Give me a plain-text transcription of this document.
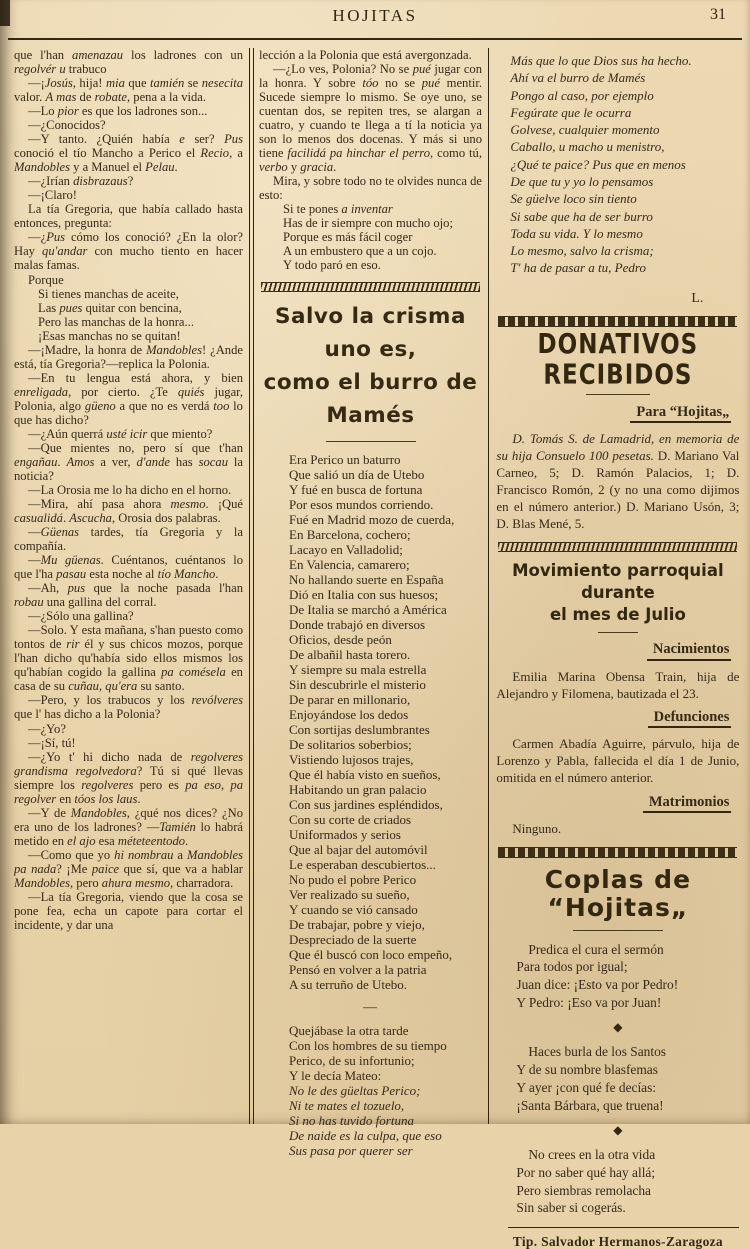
HOJITAS	31

que l'han amenazau los ladrones con un regolvér u trabuco

—¡Josús, hija! mia que tamién se nesecita valor. A mas de robate, pena a la vida.

—Lo pior es que los ladrones son...

—¿Conocidos?

—Y tanto. ¿Quién había e ser? Pus conoció el tío Mancho a Perico el Recio, a Mandobles y a Manuel el Pelau.

—¿Irían disbrazaus?

—¡Claro!

La tía Gregoria, que había callado hasta entonces, pregunta:

—¿Pus cómo los conoció? ¿En la olor? Hay qu'andar con mucho tiento en hacer malas famas.

Porque

Si tienes manchas de aceite,

Las pues quitar con bencina,

Pero las manchas de la honra...

¡Esas manchas no se quitan!

—¡Madre, la honra de Mandobles! ¿Ande está, tía Gregoria?—replica la Polonia.

—En tu lengua está ahora, y bien enreligada, por cierto. ¿Te quiés jugar, Polonia, algo güeno a que no es verdá too lo que has dicho?

—¿Aún querrá usté icir que miento?

—Que mientes no, pero sí que t'han engañau. Amos a ver, d'ande has socau la noticia?

—La Orosia me lo ha dicho en el horno.

—Mira, ahí pasa ahora mesmo. ¡Qué casualidá. Ascucha, Orosia dos palabras.

—Güenas tardes, tía Gregoria y la compañía.

—Mu güenas. Cuéntanos, cuéntanos lo que l'ha pasau esta noche al tío Mancho.

—Ah, pus que la noche pasada l'han robau una gallina del corral.

—¿Sólo una gallina?

—Solo. Y esta mañana, s'han puesto como tontos de rir él y sus chicos mozos, porque l'han dicho qu'había sido ellos mismos los qu'habían cogido la gallina pa comésela en casa de su cuñau, qu'era su santo.

—Pero, y los trabucos y los revólveres que l' has dicho a la Polonia?

—¿Yo?

—¡Sí, tú!

—¿Yo t' hi dicho nada de regolveres grandisma regolvedora? Tú si qué llevas siempre los regolveres pero es pa eso, pa regolver en tóos los laus.

—Y de Mandobles, ¿qué nos dices? ¿No era uno de los ladrones? —Tamién lo habrá metido en el ajo esa méteteentodo.

—Como que yo hi nombrau a Mandobles pa nada? ¡Me paice que sí, que va a hablar Mandobles, pero ahura mesmo, charradora.

—La tía Gregoria, viendo que la cosa se pone fea, echa un capote para cortar el incidente, y dar una

lección a la Polonia que está avergonzada.

—¿Lo ves, Polonia? No se pué jugar con la honra. Y sobre tóo no se pué mentir. Sucede siempre lo mismo. Se oye uno, se cuentan dos, se repiten tres, se alargan a cuatro, y cuando te llega a tí la noticia ya son lo menos dos docenas. Y más si uno tiene facilidá pa hinchar el perro, como tú, verbo y gracia.

Mira, y sobre todo no te olvides nunca de esto:

Si te pones a inventar

Has de ir siempre con mucho ojo;

Porque es más fácil coger

A un embustero que a un cojo.

Y todo paró en eso.

Salvo la crisma uno es,
como el burro de Mamés

Era Perico un baturro

Que salió un día de Utebo

Y fué en busca de fortuna

Por esos mundos corriendo.

Fué en Madrid mozo de cuerda,

En Barcelona, cochero;

Lacayo en Valladolid;

En Valencia, camarero;

No hallando suerte en España

Dió en Italia con sus huesos;

De Italia se marchó a América

Donde trabajó en diversos

Oficios, desde peón

De albañil hasta torero.

Y siempre su mala estrella

Sin descubrirle el misterio

De parar en millonario,

Enjoyándose los dedos

Con sortijas deslumbrantes

De solitarios soberbios;

Vistiendo lujosos trajes,

Que él había visto en sueños,

Habitando un gran palacio

Con sus jardines espléndidos,

Con su corte de criados

Uniformados y serios

Que al bajar del automóvil

Le esperaban descubiertos...

No pudo el pobre Perico

Ver realizado su sueño,

Y cuando se vió cansado

De trabajar, pobre y viejo,

Despreciado de la suerte

Que él buscó con loco empeño,

Pensó en volver a la patria

A su terruño de Utebo.

—

Quejábase la otra tarde

Con los hombres de su tiempo

Perico, de su infortunio;

Y le decía Mateo:

No le des güeltas Perico;

Ni te mates el tozuelo,

Si no has tuvido fortuna

De naide es la culpa, que eso

Sus pasa por querer ser

Más que lo que Dios sus ha hecho.

Ahí va el burro de Mamés

Pongo al caso, por ejemplo

Fegúrate que le ocurra

Golvese, cualquier momento

Caballo, u macho u menistro,

¿Qué te paice? Pus que en menos

De que tu y yo lo pensamos

Se güelve loco sin tiento

Si sabe que ha de ser burro

Toda su vida. Y lo mesmo

Lo mesmo, salvo la crisma;

T' ha de pasar a tu, Pedro

L.
DONATIVOS RECIBIDOS
Para “Hojitas„

D. Tomás S. de Lamadrid, en memoria de su hija Consuelo 100 pesetas. D. Mariano Val Carneo, 5; D. Ramón Palacios, 1; D. Francisco Romón, 2 (y no una como dijimos en el número anterior.) D. Mariano Usón, 3; D. Blas Mené, 5.

Movimiento parroquial durante
el mes de Julio
Nacimientos

Emilia Marina Obensa Train, hija de Alejandro y Filomena, bautizada el 23.

Defunciones

Carmen Abadía Aguirre, párvulo, hija de Lorenzo y Pabla, fallecida el día 1 de Junio, omitida en el número anterior.

Matrimonios

Ninguno.

Coplas de “Hojitas„

Predica el cura el sermón

Para todos por igual;

Juan dice: ¡Esto va por Pedro!

Y Pedro: ¡Eso va por Juan!

◆

Haces burla de los Santos

Y de su nombre blasfemas

Y ayer ¡con qué fe decías:

¡Santa Bárbara, que truena!

◆

No crees en la otra vida

Por no saber qué hay allá;

Pero siembras remolacha

Sin saber si cogerás.

Tip. Salvador Hermanos-Zaragoza
